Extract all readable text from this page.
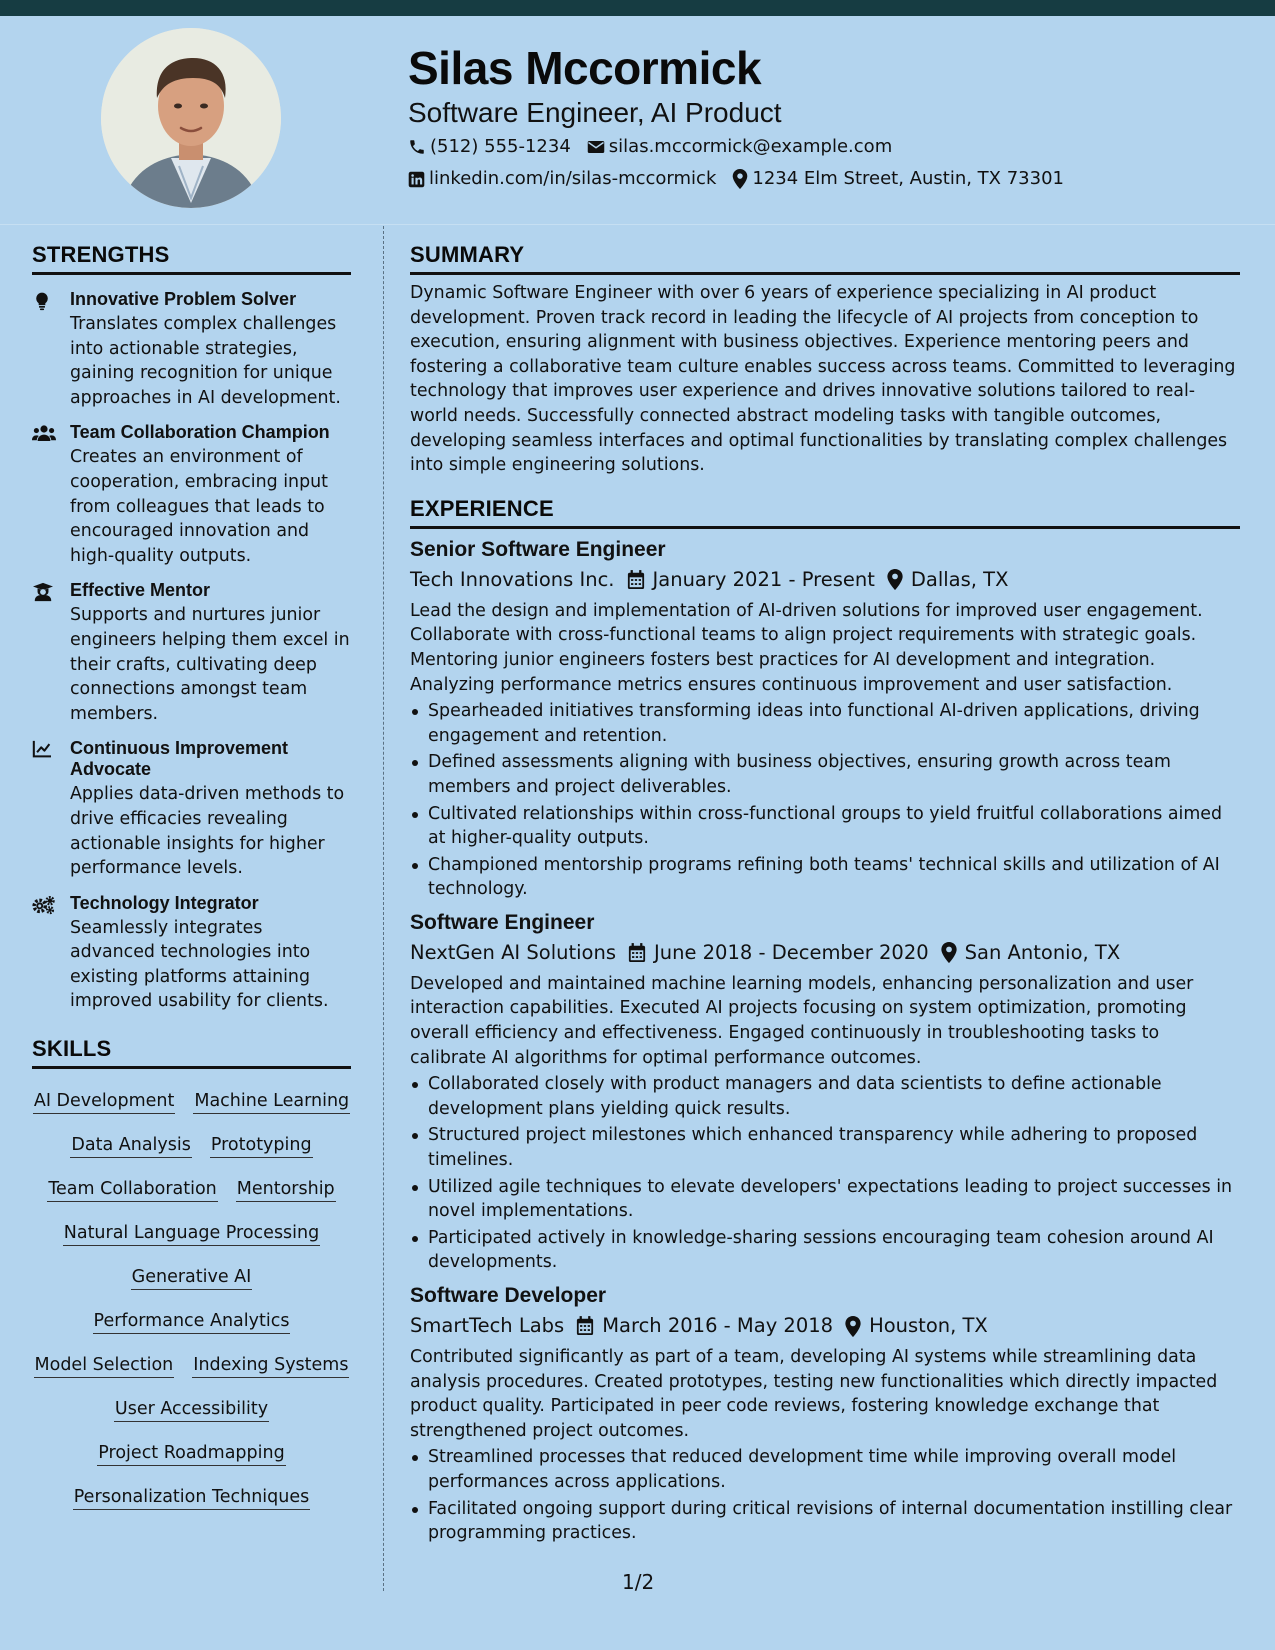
Silas Mccormick
Software Engineer, AI Product
(512) 555-1234 silas.mccormick@example.com
linkedin.com/in/silas-mccormick 1234 Elm Street, Austin, TX 73301
STRENGTHS
Innovative Problem Solver
Translates complex challenges into actionable strategies, gaining recognition for unique approaches in AI development.
Team Collaboration Champion
Creates an environment of cooperation, embracing input from colleagues that leads to encouraged innovation and high-quality outputs.
Effective Mentor
Supports and nurtures junior engineers helping them excel in their crafts, cultivating deep connections amongst team members.
Continuous Improvement Advocate
Applies data-driven methods to drive efficacies revealing actionable insights for higher performance levels.
Technology Integrator
Seamlessly integrates advanced technologies into existing platforms attaining improved usability for clients.
SKILLS
AI Development Machine Learning
Data Analysis Prototyping
Team Collaboration Mentorship
Natural Language Processing
Generative AI
Performance Analytics
Model Selection Indexing Systems
User Accessibility
Project Roadmapping
Personalization Techniques
SUMMARY

Dynamic Software Engineer with over 6 years of experience specializing in AI product development. Proven track record in leading the lifecycle of AI projects from conception to execution, ensuring alignment with business objectives. Experience mentoring peers and fostering a collaborative team culture enables success across teams. Committed to leveraging technology that improves user experience and drives innovative solutions tailored to real-world needs. Successfully connected abstract modeling tasks with tangible outcomes, developing seamless interfaces and optimal functionalities by translating complex challenges into simple engineering solutions.

EXPERIENCE
Senior Software Engineer
Tech Innovations Inc. January 2021 - Present Dallas, TX

Lead the design and implementation of AI-driven solutions for improved user engagement. Collaborate with cross-functional teams to align project requirements with strategic goals. Mentoring junior engineers fosters best practices for AI development and integration. Analyzing performance metrics ensures continuous improvement and user satisfaction.

Spearheaded initiatives transforming ideas into functional AI-driven applications, driving engagement and retention.
Defined assessments aligning with business objectives, ensuring growth across team members and project deliverables.
Cultivated relationships within cross-functional groups to yield fruitful collaborations aimed at higher-quality outputs.
Championed mentorship programs refining both teams' technical skills and utilization of AI technology.
Software Engineer
NextGen AI Solutions June 2018 - December 2020 San Antonio, TX

Developed and maintained machine learning models, enhancing personalization and user interaction capabilities. Executed AI projects focusing on system optimization, promoting overall efficiency and effectiveness. Engaged continuously in troubleshooting tasks to calibrate AI algorithms for optimal performance outcomes.

Collaborated closely with product managers and data scientists to define actionable development plans yielding quick results.
Structured project milestones which enhanced transparency while adhering to proposed timelines.
Utilized agile techniques to elevate developers' expectations leading to project successes in novel implementations.
Participated actively in knowledge-sharing sessions encouraging team cohesion around AI developments.
Software Developer
SmartTech Labs March 2016 - May 2018 Houston, TX

Contributed significantly as part of a team, developing AI systems while streamlining data analysis procedures. Created prototypes, testing new functionalities which directly impacted product quality. Participated in peer code reviews, fostering knowledge exchange that strengthened project outcomes.

Streamlined processes that reduced development time while improving overall model performances across applications.
Facilitated ongoing support during critical revisions of internal documentation instilling clear programming practices.
1/2
